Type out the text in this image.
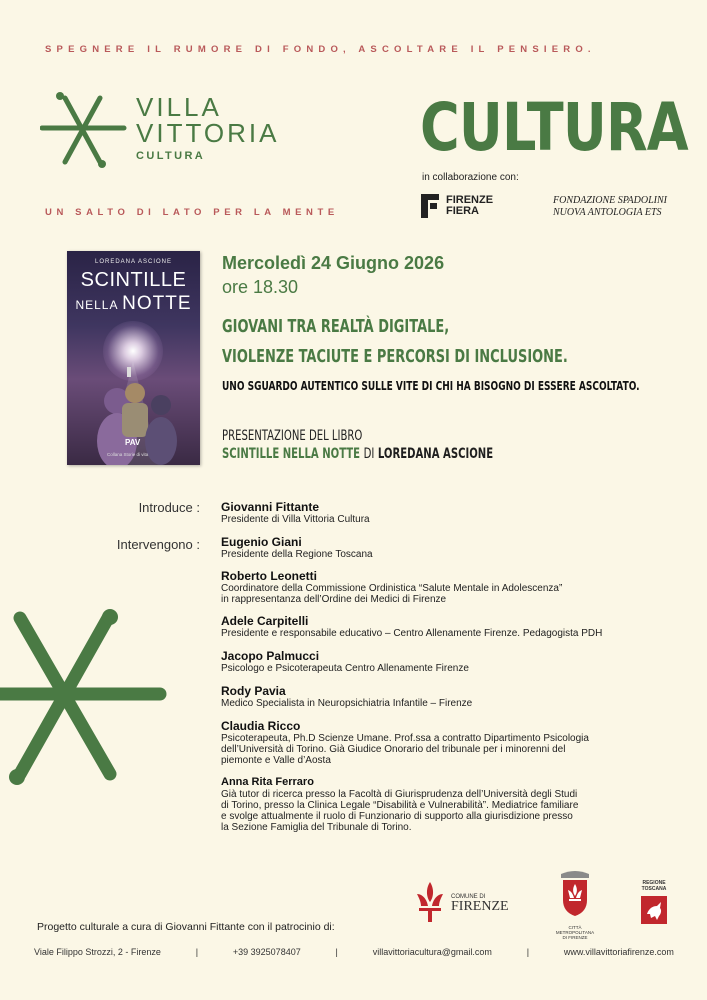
SPEGNERE IL RUMORE DI FONDO, ASCOLTARE IL PENSIERO.
UN SALTO DI LATO PER LA MENTE
VILLA
VITTORIA
CULTURA	CULTURA
in collaborazione con:
FIRENZE
FIERA
FONDAZIONE SPADOLINI
NUOVA ANTOLOGIA ETS
LOREDANA ASCIONE
SCINTILLE
NELLA NOTTE
PAV
Collana Storie di vita
Mercoledì 24 Giugno 2026
ore 18.30
GIOVANI TRA REALTÀ DIGITALE,
VIOLENZE TACIUTE E PERCORSI DI INCLUSIONE.
UNO SGUARDO AUTENTICO SULLE VITE DI CHI HA BISOGNO DI ESSERE ASCOLTATO.
PRESENTAZIONE DEL LIBRO
SCINTILLE NELLA NOTTE DI LOREDANA ASCIONE
Introduce :
Intervengono :
Giovanni Fittante
Presidente di Villa Vittoria Cultura
Eugenio Giani
Presidente della Regione Toscana
Roberto Leonetti
Coordinatore della Commissione Ordinistica “Salute Mentale in Adolescenza”
in rappresentanza dell’Ordine dei Medici di Firenze
Adele Carpitelli
Presidente e responsabile educativo – Centro Allenamente Firenze. Pedagogista PDH
Jacopo Palmucci
Psicologo e Psicoterapeuta Centro Allenamente Firenze
Rody Pavia
Medico Specialista in Neuropsichiatria Infantile – Firenze
Claudia Ricco
Psicoterapeuta, Ph.D Scienze Umane. Prof.ssa a contratto Dipartimento Psicologia
dell’Università di Torino. Già Giudice Onorario del tribunale per i minorenni del
piemonte e Valle d’Aosta
Anna Rita Ferraro
Già tutor di ricerca presso la Facoltà di Giurisprudenza dell’Università degli Studi
di Torino, presso la Clinica Legale “Disabilità e Vulnerabilità”. Mediatrice familiare
e svolge attualmente il ruolo di Funzionario di supporto alla giurisdizione presso
la Sezione Famiglia del Tribunale di Torino.
Progetto culturale a cura di Giovanni Fittante con il patrocinio di:
COMUNE DI
FIRENZE
CITTÀ METROPOLITANA
DI FIRENZE
REGIONE
TOSCANA
Viale Filippo Strozzi, 2 - Firenze	|	+39 3925078407	|	villavittoriacultura@gmail.com	|	www.villavittoriafirenze.com
